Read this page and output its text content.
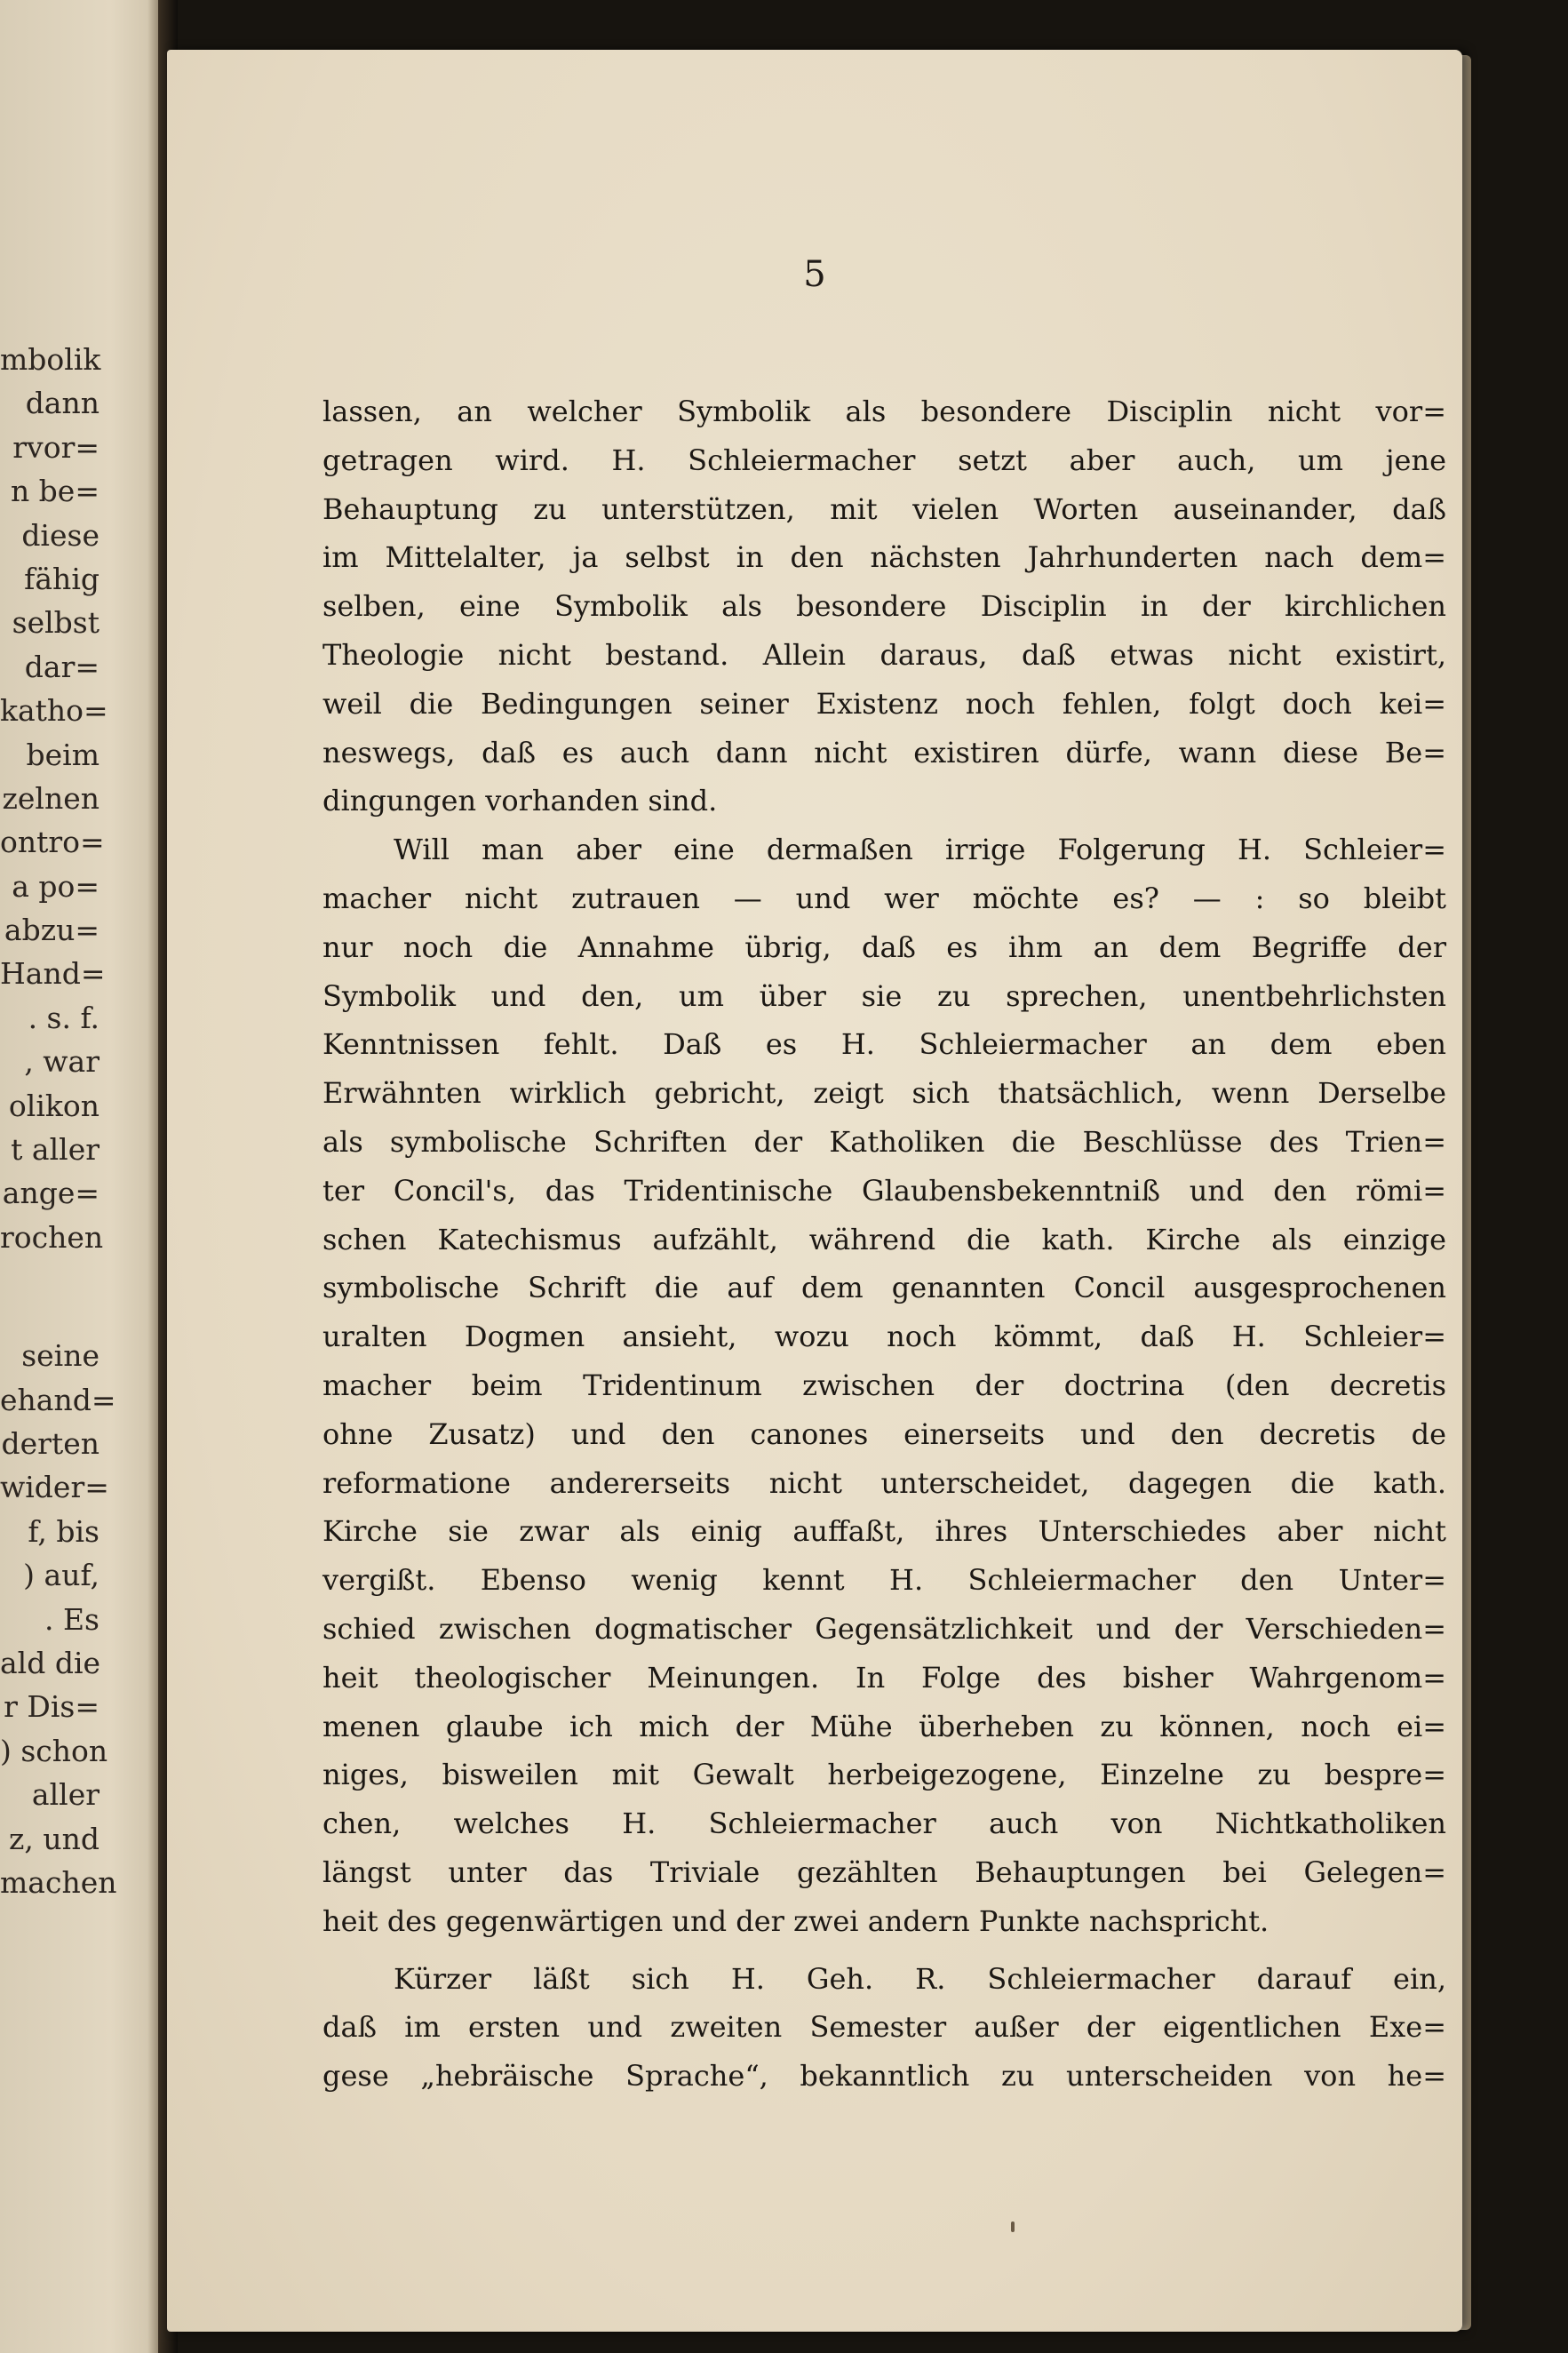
mbolik
dann
rvor=
n be=
diese
fähig
selbst
dar=
katho=
beim
zelnen
ontro=
a po=
abzu=
Hand=
. s. f.
, war
olikon
t aller
ange=
rochen
seine
ehand=
derten
wider=
f, bis
) auf,
. Es
ald die
r Dis=
) schon
aller
z, und
machen
5
lassen, an welcher Symbolik als besondere Disciplin nicht vor=
getragen wird. H. Schleiermacher setzt aber auch, um jene
Behauptung zu unterstützen, mit vielen Worten auseinander, daß
im Mittelalter, ja selbst in den nächsten Jahrhunderten nach dem=
selben, eine Symbolik als besondere Disciplin in der kirchlichen
Theologie nicht bestand. Allein daraus, daß etwas nicht existirt,
weil die Bedingungen seiner Existenz noch fehlen, folgt doch kei=
neswegs, daß es auch dann nicht existiren dürfe, wann diese Be=
dingungen vorhanden sind.
Will man aber eine dermaßen irrige Folgerung H. Schleier=
macher nicht zutrauen — und wer möchte es? — : so bleibt
nur noch die Annahme übrig, daß es ihm an dem Begriffe der
Symbolik und den, um über sie zu sprechen, unentbehrlichsten
Kenntnissen fehlt. Daß es H. Schleiermacher an dem eben
Erwähnten wirklich gebricht, zeigt sich thatsächlich, wenn Derselbe
als symbolische Schriften der Katholiken die Beschlüsse des Trien=
ter Concil's, das Tridentinische Glaubensbekenntniß und den römi=
schen Katechismus aufzählt, während die kath. Kirche als einzige
symbolische Schrift die auf dem genannten Concil ausgesprochenen
uralten Dogmen ansieht, wozu noch kömmt, daß H. Schleier=
macher beim Tridentinum zwischen der doctrina (den decretis
ohne Zusatz) und den canones einerseits und den decretis de
reformatione andererseits nicht unterscheidet, dagegen die kath.
Kirche sie zwar als einig auffaßt, ihres Unterschiedes aber nicht
vergißt. Ebenso wenig kennt H. Schleiermacher den Unter=
schied zwischen dogmatischer Gegensätzlichkeit und der Verschieden=
heit theologischer Meinungen. In Folge des bisher Wahrgenom=
menen glaube ich mich der Mühe überheben zu können, noch ei=
niges, bisweilen mit Gewalt herbeigezogene, Einzelne zu bespre=
chen, welches H. Schleiermacher auch von Nichtkatholiken
längst unter das Triviale gezählten Behauptungen bei Gelegen=
heit des gegenwärtigen und der zwei andern Punkte nachspricht.
Kürzer läßt sich H. Geh. R. Schleiermacher darauf ein,
daß im ersten und zweiten Semester außer der eigentlichen Exe=
gese „hebräische Sprache“, bekanntlich zu unterscheiden von he=
